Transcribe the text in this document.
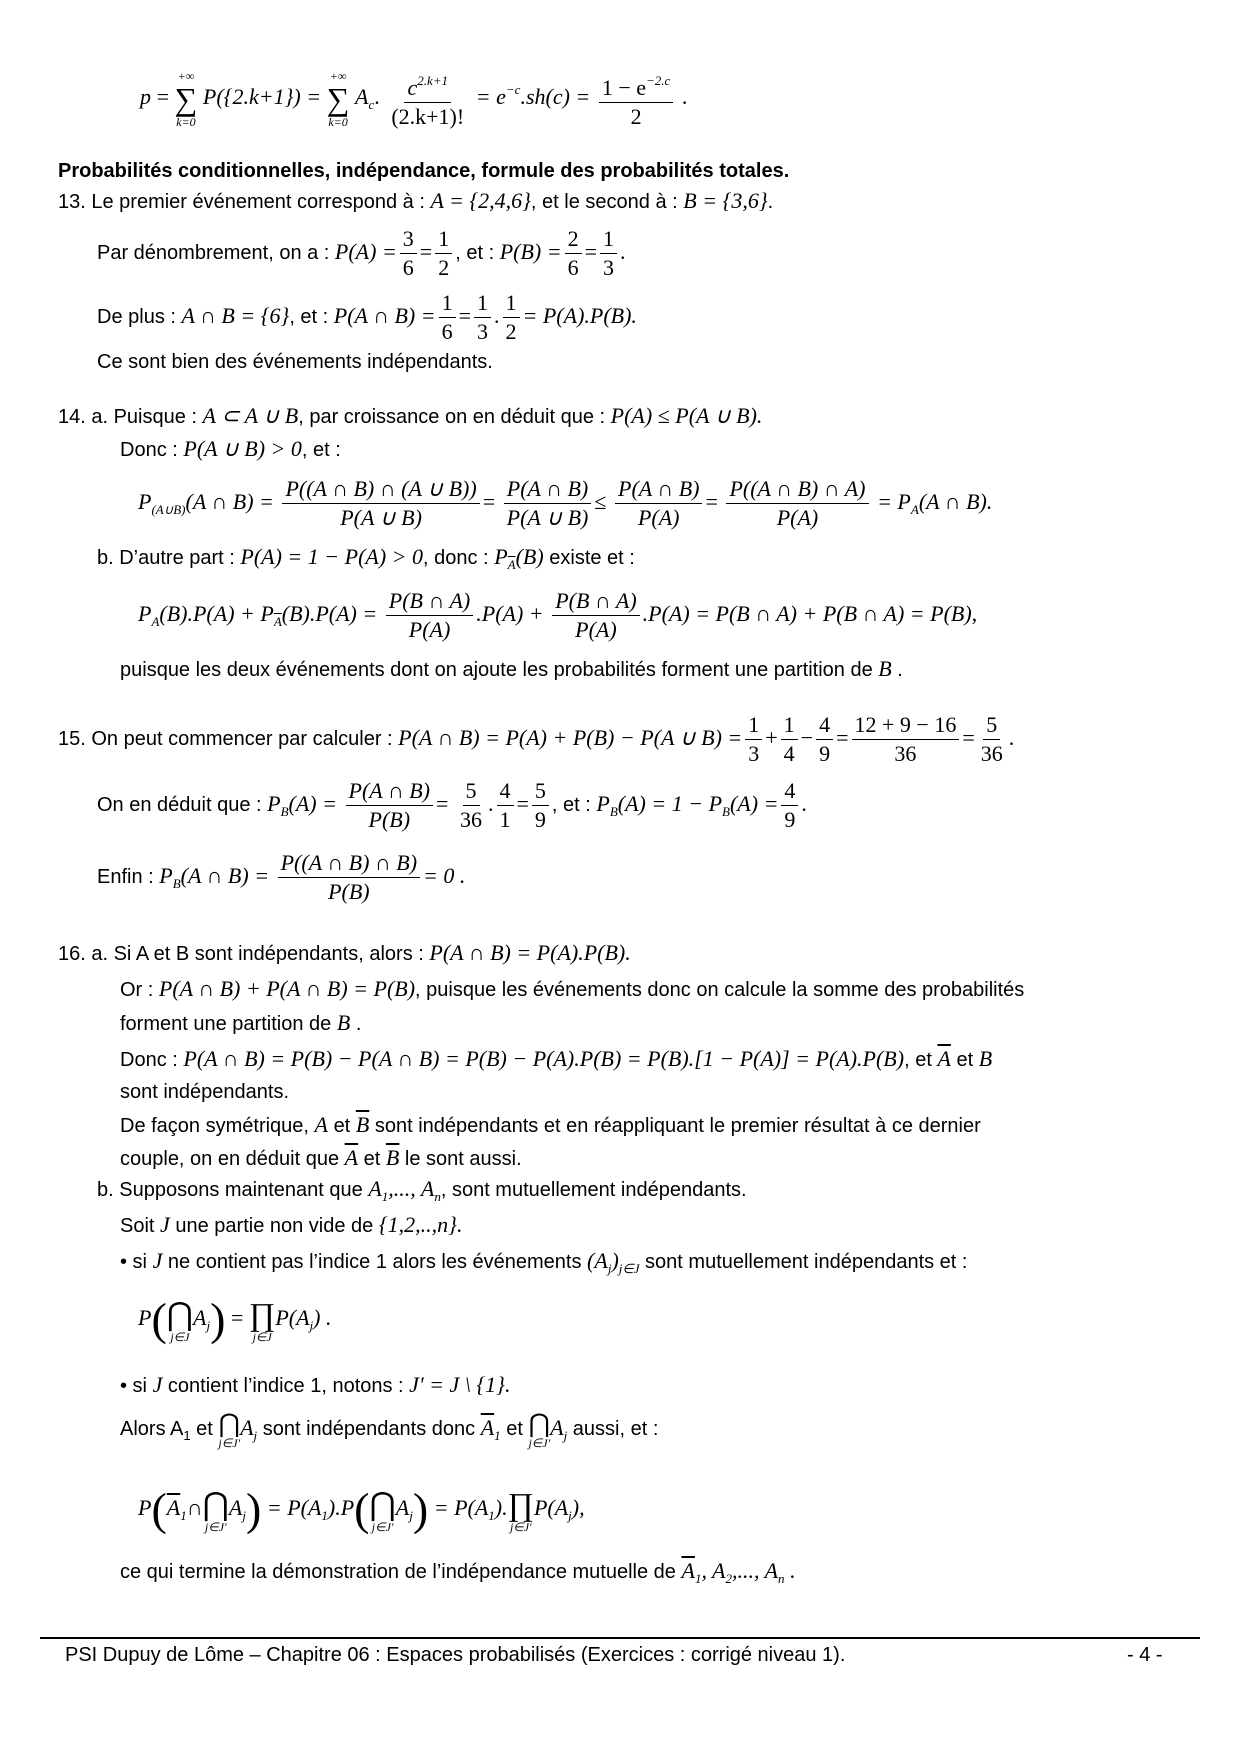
p =
+∞
∑
k=0
P({2.k+1}) =
+∞
∑
k=0
$A_c$. $\frac{c^{2.k+1}}{(2.k+1)!} = e^{-c}.sh(c) = \frac{1 - e^{-2.c}}{2}$ .
Probabilités conditionnelles, indépendance, formule des probabilités totales.
13. Le premier événement correspond à : A = {2,4,6}, et le second à : B = {3,6}.
Par dénombrement, on a : $P(A) = \frac{3}{6} = \frac{1}{2}$ , et : $P(B) = \frac{2}{6} = \frac{1}{3}$ .
De plus : A ∩ B = {6}, et : P(A ∩ $B) = \frac{1}{6} = \frac{1}{3}$ . $\frac{1}{2} = P(A).P(B)$.
Ce sont bien des événements indépendants.
14. a. Puisque : A ⊂ A ∪ B, par croissance on en déduit que : P(A) ≤ P(A ∪ B).
Donc : P(A ∪ B) > 0, et :
$P_{(A\cup B)}(A$ ∩ $B) = \frac{P((A \cap B) \cap (A \cup B))}{P(A \cup B)} = \frac{P(A \cap B)}{P(A \cup B)} \le \frac{P(A \cap B)}{P(A)} = \frac{P((A \cap B) \cap A)}{P(A)} = P_A(A$ ∩ B).
b. D’autre part : P(A) = 1 − P(A) > 0, donc : $P_{\overline{A}}(B)$ existe et :
$P_A(B).P(A) + P_{\overline{A}}(B).P(A) = \frac{P(B \cap A)}{P(A)} .P(A) + \frac{P(B \cap A)}{P(A)} .P(A) = P(B$ ∩ A) + P(B ∩ A) = P(B),
puisque les deux événements dont on ajoute les probabilités forment une partition de B .
15. On peut commencer par calculer : P(A ∩ B) = P(A) + P(B) − P(A ∪ $B) = \frac{1}{3} + \frac{1}{4} - \frac{4}{9} = \frac{12 + 9 - 16}{36} = \frac{5}{36}$ .
On en déduit que : $P_B(A) = \frac{P(A \cap B)}{P(B)} = \frac{5}{36}$ . $\frac{4}{1} = \frac{5}{9}$ , et : $P_B(A) = 1 - P_B(A) = \frac{4}{9}$ .
Enfin : $P_B(A$ ∩ $B) = \frac{P((A \cap B) \cap B)}{P(B)} = 0$ .
16. a. Si A et B sont indépendants, alors : P(A ∩ B) = P(A).P(B).
Or : P(A ∩ B) + P(A ∩ B) = P(B), puisque les événements donc on calcule la somme des probabilités
forment une partition de B .
Donc : P(A ∩ B) = P(B) − P(A ∩ B) = P(B) − P(A).P(B) = P(B).[1 − P(A)] = P(A).P(B), et $\overline{A}$ et B
sont indépendants.
De façon symétrique, A et $\overline{B}$ sont indépendants et en réappliquant le premier résultat à ce dernier
couple, on en déduit que $\overline{A}$ et $\overline{B}$ le sont aussi.
b. Supposons maintenant que $A_1$,..., $A_n$, sont mutuellement indépendants.
Soit J une partie non vide de {1,2,..,n}.
• si J ne contient pas l’indice 1 alors les événements $(A_j)_{j\in J}$ sont mutuellement indépendants et :
P( ⋂
j∈J
$A_j$) = ∏
j∈J
$P(A_j)$ .
• si J contient l’indice 1, notons : J' = J \ {1}.
Alors $A_1$ et ⋂
j∈J'
$A_j$ sont indépendants donc $\overline{A}_1$ et ⋂
j∈J'
$A_j$ aussi, et :
$P(\overline{A}_1\cap$ ⋂
j∈J'
$A_j) = P(A_1).P$( ⋂
j∈J'
$A_j) = P(A_1)$. ∏
j∈J'
$P(A_j)$,
ce qui termine la démonstration de l’indépendance mutuelle de $\overline{A}_1$, $A_2$,..., $A_n$ .
PSI Dupuy de Lôme – Chapitre 06 : Espaces probabilisés (Exercices : corrigé niveau 1).	- 4 -
